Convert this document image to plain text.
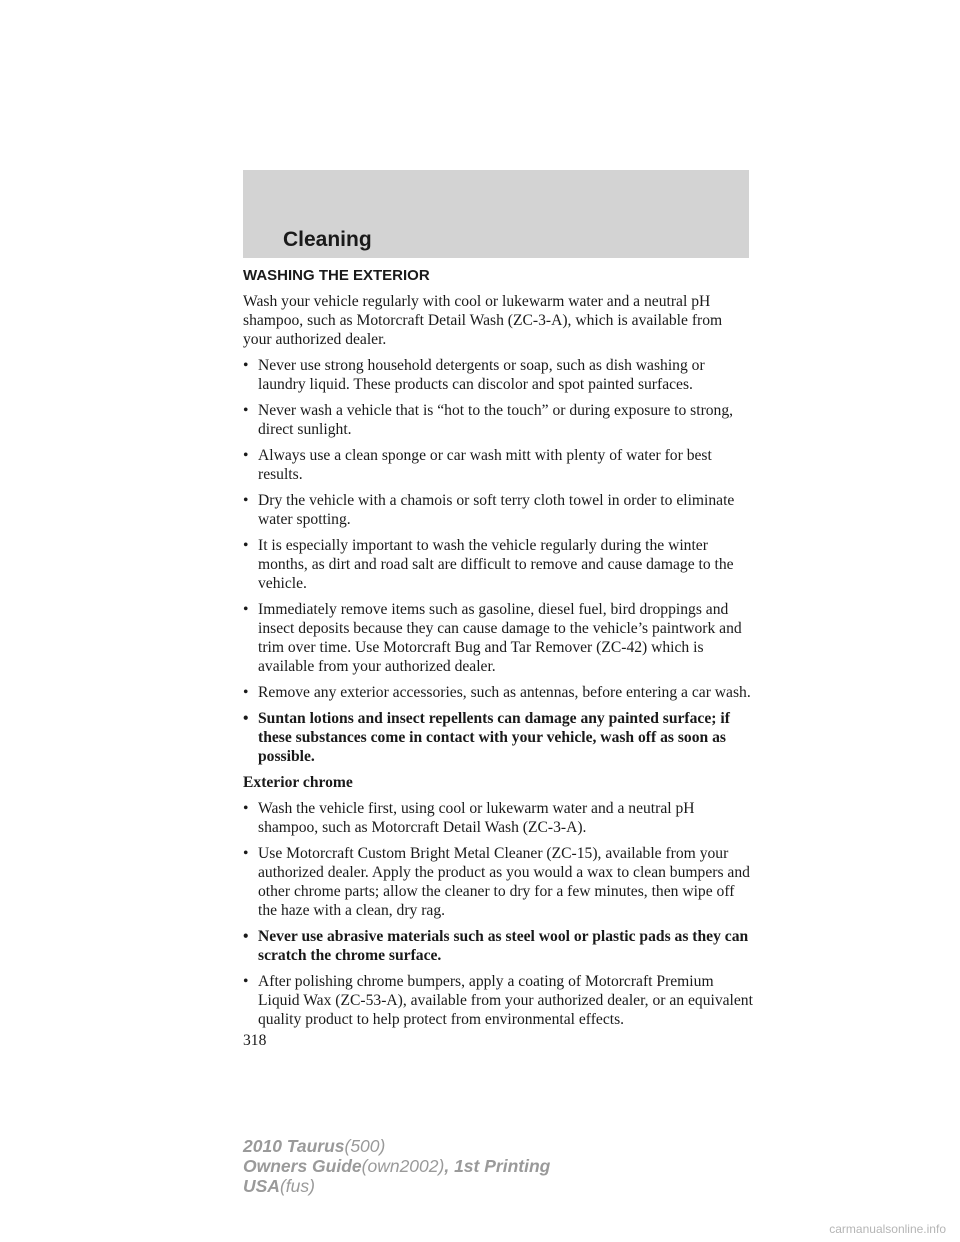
Cleaning
WASHING THE EXTERIOR

Wash your vehicle regularly with cool or lukewarm water and a neutral pH shampoo, such as Motorcraft Detail Wash (ZC-3-A), which is available from your authorized dealer.

• Never use strong household detergents or soap, such as dish washing or laundry liquid. These products can discolor and spot painted surfaces.
• Never wash a vehicle that is “hot to the touch” or during exposure to strong, direct sunlight.
• Always use a clean sponge or car wash mitt with plenty of water for best results.
• Dry the vehicle with a chamois or soft terry cloth towel in order to eliminate water spotting.
• It is especially important to wash the vehicle regularly during the winter months, as dirt and road salt are difficult to remove and cause damage to the vehicle.
• Immediately remove items such as gasoline, diesel fuel, bird droppings and insect deposits because they can cause damage to the vehicle’s paintwork and trim over time. Use Motorcraft Bug and Tar Remover (ZC-42) which is available from your authorized dealer.
• Remove any exterior accessories, such as antennas, before entering a car wash.
• Suntan lotions and insect repellents can damage any painted surface; if these substances come in contact with your vehicle, wash off as soon as possible.
Exterior chrome
• Wash the vehicle first, using cool or lukewarm water and a neutral pH shampoo, such as Motorcraft Detail Wash (ZC-3-A).
• Use Motorcraft Custom Bright Metal Cleaner (ZC-15), available from your authorized dealer. Apply the product as you would a wax to clean bumpers and other chrome parts; allow the cleaner to dry for a few minutes, then wipe off the haze with a clean, dry rag.
• Never use abrasive materials such as steel wool or plastic pads as they can scratch the chrome surface.
• After polishing chrome bumpers, apply a coating of Motorcraft Premium Liquid Wax (ZC-53-A), available from your authorized dealer, or an equivalent quality product to help protect from environmental effects.
318
2010 Taurus(500)
Owners Guide(own2002), 1st Printing
USA(fus)
carmanualsonline.info
